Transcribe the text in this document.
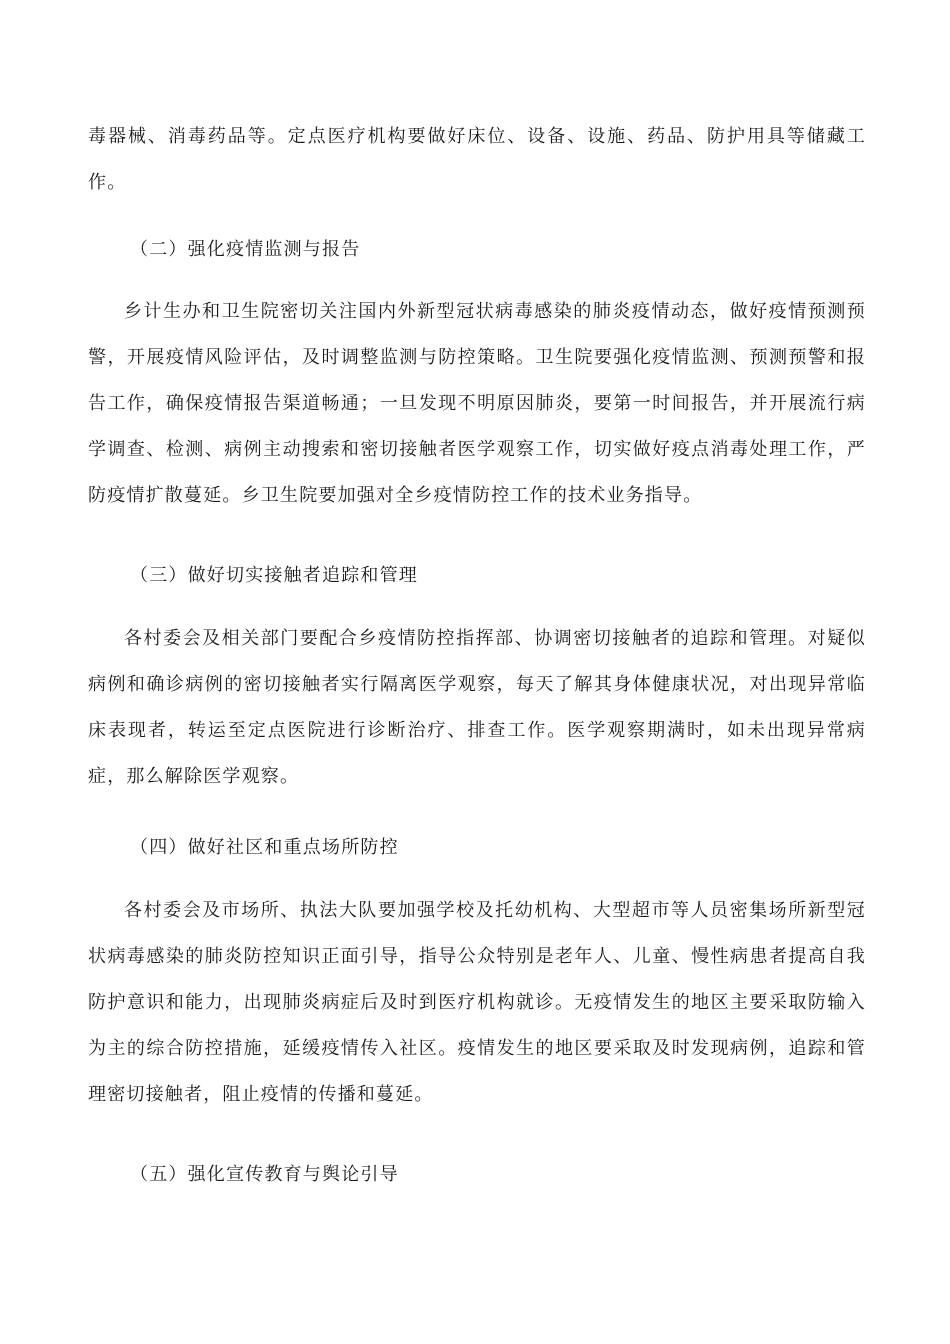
毒器械、消毒药品等。定点医疗机构要做好床位、设备、设施、药品、防护用具等储藏工作。

（二）强化疫情监测与报告

乡计生办和卫生院密切关注国内外新型冠状病毒感染的肺炎疫情动态，做好疫情预测预警，开展疫情风险评估，及时调整监测与防控策略。卫生院要强化疫情监测、预测预警和报告工作，确保疫情报告渠道畅通；一旦发现不明原因肺炎，要第一时间报告，并开展流行病学调查、检测、病例主动搜索和密切接触者医学观察工作，切实做好疫点消毒处理工作，严防疫情扩散蔓延。乡卫生院要加强对全乡疫情防控工作的技术业务指导。

（三）做好切实接触者追踪和管理

各村委会及相关部门要配合乡疫情防控指挥部、协调密切接触者的追踪和管理。对疑似病例和确诊病例的密切接触者实行隔离医学观察，每天了解其身体健康状况，对出现异常临床表现者，转运至定点医院进行诊断治疗、排查工作。医学观察期满时，如未出现异常病症，那么解除医学观察。

（四）做好社区和重点场所防控

各村委会及市场所、执法大队要加强学校及托幼机构、大型超市等人员密集场所新型冠状病毒感染的肺炎防控知识正面引导，指导公众特别是老年人、儿童、慢性病患者提高自我防护意识和能力，出现肺炎病症后及时到医疗机构就诊。无疫情发生的地区主要采取防输入为主的综合防控措施，延缓疫情传入社区。疫情发生的地区要采取及时发现病例，追踪和管理密切接触者，阻止疫情的传播和蔓延。

（五）强化宣传教育与舆论引导
